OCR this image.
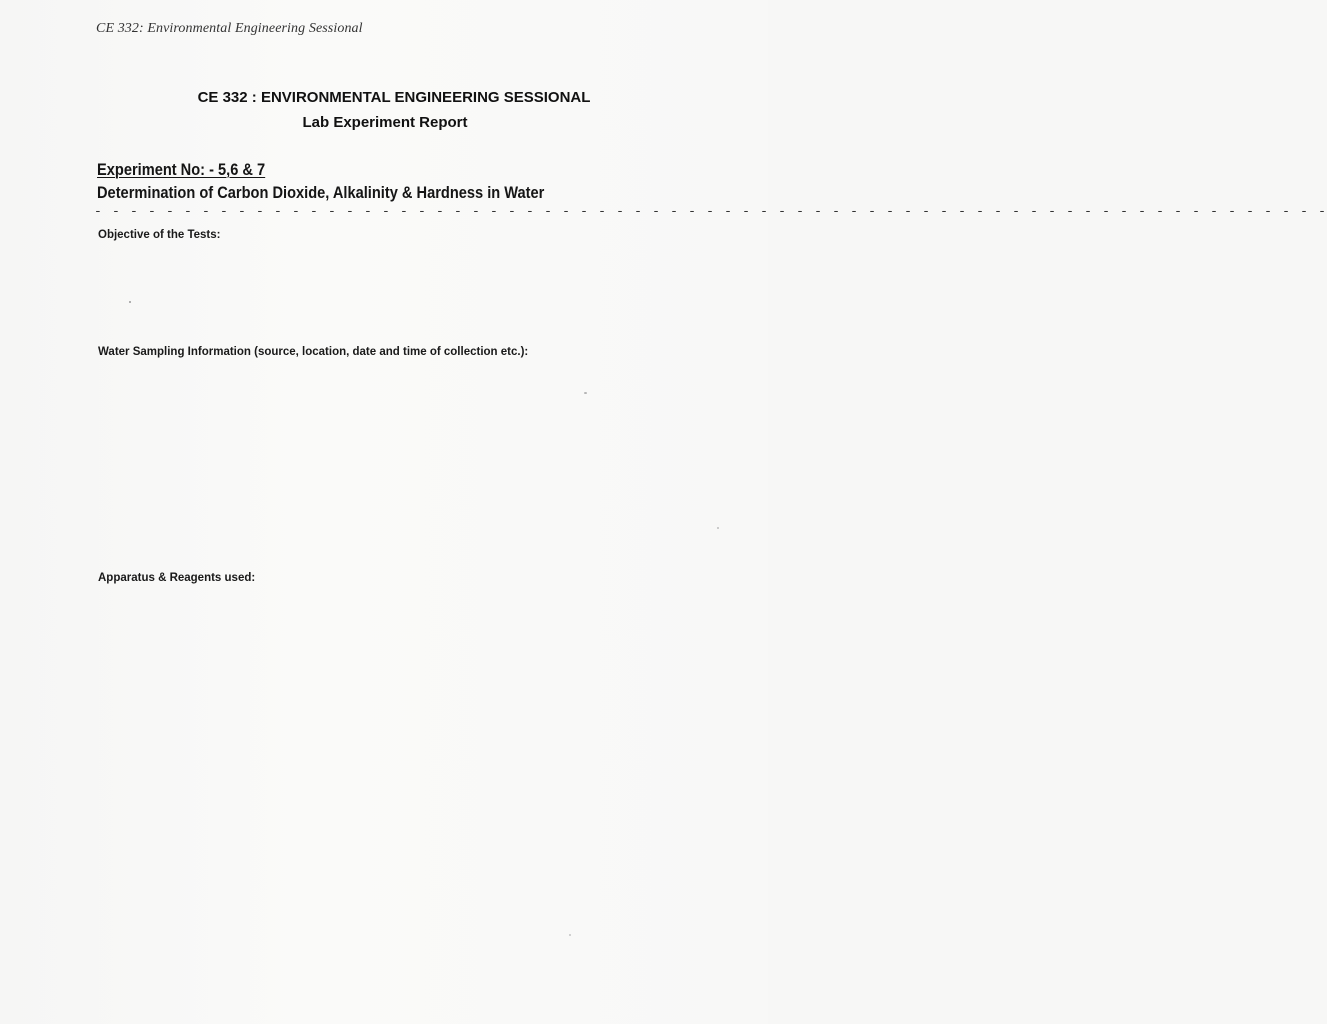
CE 332: Environmental Engineering Sessional
CE 332 : ENVIRONMENTAL ENGINEERING SESSIONAL
Lab Experiment Report
Experiment No: - 5,6 & 7
Determination of Carbon Dioxide, Alkalinity & Hardness in Water
- - - - - - - - - - - - - - - - - - - - - - - - - - - - - - - - - - - - - - - - - - - - - - - - - - - - - - - - - - - - - - - - - - - - -
Objective of the Tests:
Water Sampling Information (source, location, date and time of collection etc.):
Apparatus & Reagents used:
